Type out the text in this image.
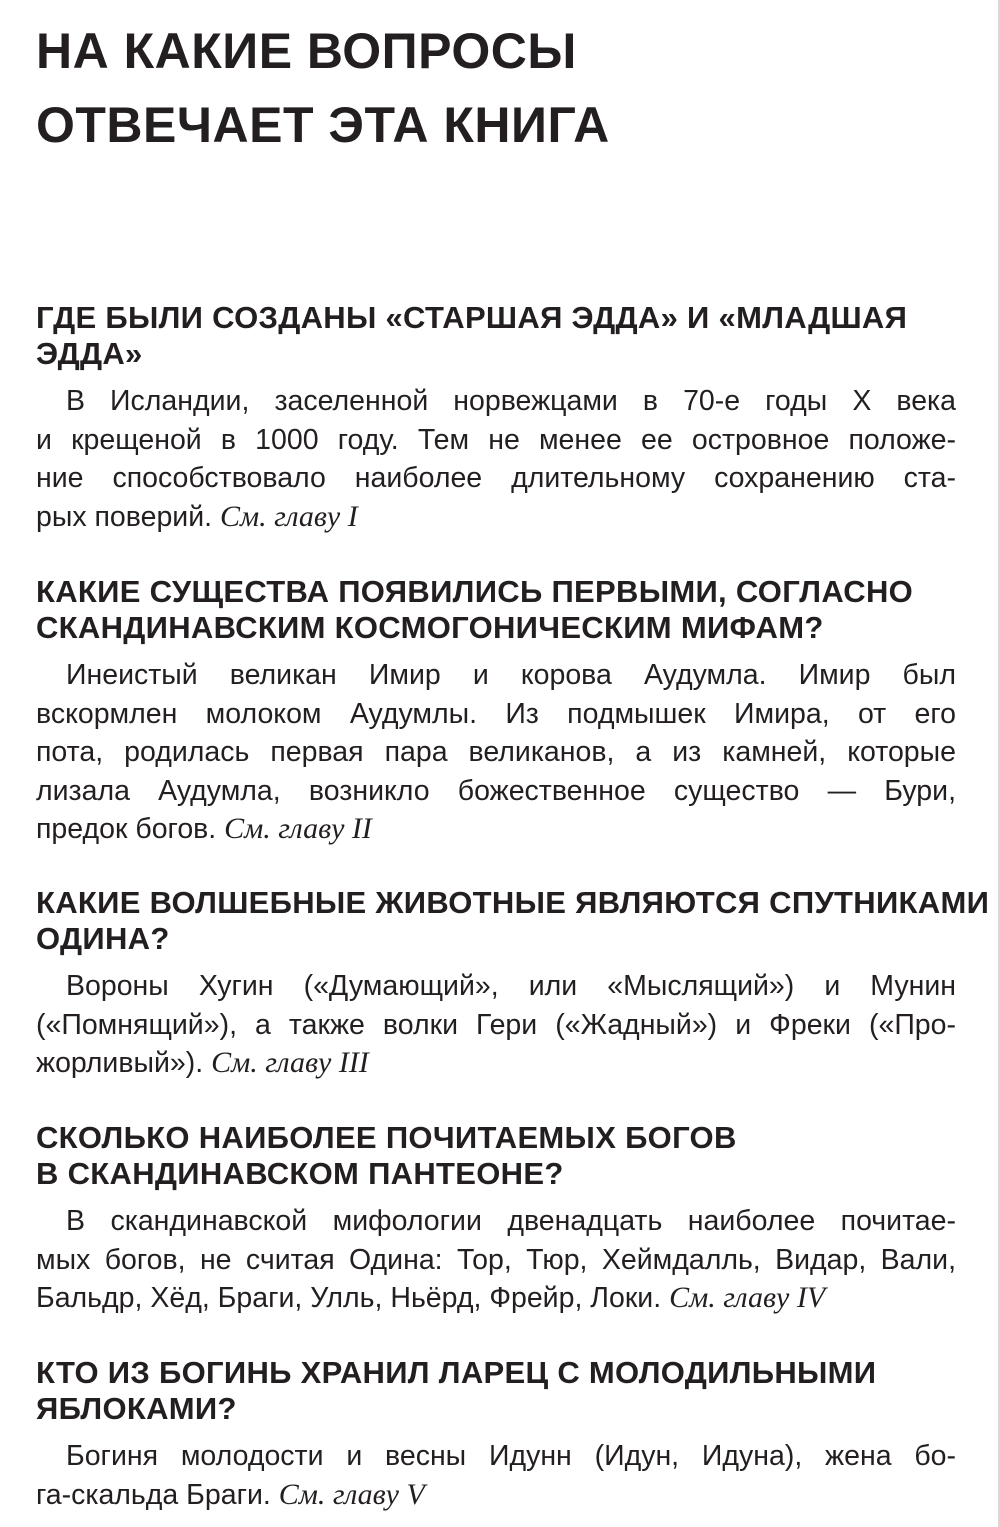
НА КАКИЕ ВОПРОСЫ
ОТВЕЧАЕТ ЭТА КНИГА
ГДЕ БЫЛИ СОЗДАНЫ «СТАРШАЯ ЭДДА» И «МЛАДШАЯ
ЭДДА»
В Исландии, заселенной норвежцами в 70-е годы X века
и крещеной в 1000 году. Тем не менее ее островное положе-
ние способствовало наиболее длительному сохранению ста-
рых поверий. См. главу I
КАКИЕ СУЩЕСТВА ПОЯВИЛИСЬ ПЕРВЫМИ, СОГЛАСНО
СКАНДИНАВСКИМ КОСМОГОНИЧЕСКИМ МИФАМ?
Инеистый великан Имир и корова Аудумла. Имир был
вскормлен молоком Аудумлы. Из подмышек Имира, от его
пота, родилась первая пара великанов, а из камней, которые
лизала Аудумла, возникло божественное существо — Бури,
предок богов. См. главу II
КАКИЕ ВОЛШЕБНЫЕ ЖИВОТНЫЕ ЯВЛЯЮТСЯ СПУТНИКАМИ
ОДИНА?
Вороны Хугин («Думающий», или «Мыслящий») и Мунин
(«Помнящий»), а также волки Гери («Жадный») и Фреки («Про-
жорливый»). См. главу III
СКОЛЬКО НАИБОЛЕЕ ПОЧИТАЕМЫХ БОГОВ
В СКАНДИНАВСКОМ ПАНТЕОНЕ?
В скандинавской мифологии двенадцать наиболее почитае-
мых богов, не считая Одина: Тор, Тюр, Хеймдалль, Видар, Вали,
Бальдр, Хёд, Браги, Улль, Ньёрд, Фрейр, Локи. См. главу IV
КТО ИЗ БОГИНЬ ХРАНИЛ ЛАРЕЦ С МОЛОДИЛЬНЫМИ
ЯБЛОКАМИ?
Богиня молодости и весны Идунн (Идун, Идуна), жена бо-
га-скальда Браги. См. главу V
